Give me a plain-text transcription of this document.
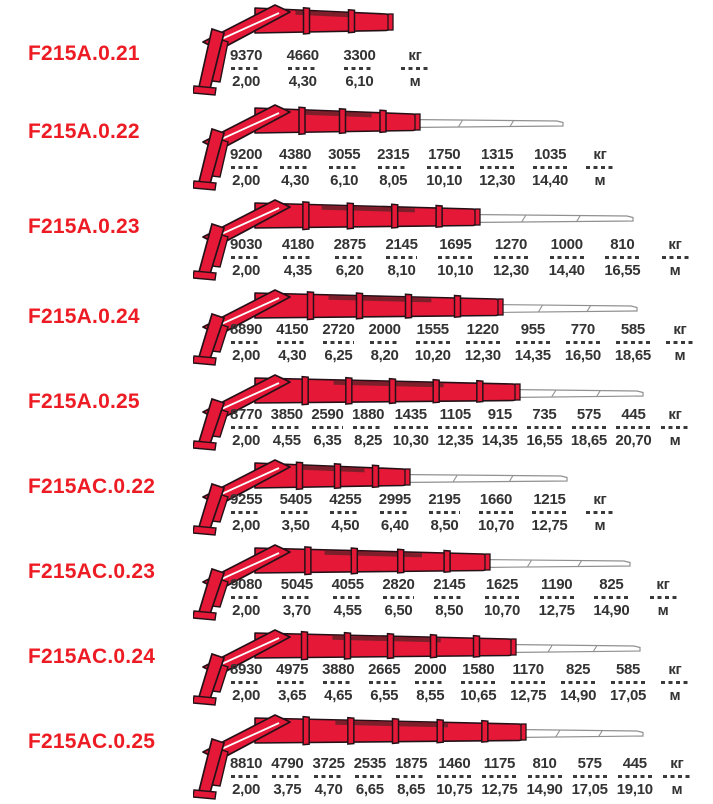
F215A.0.21	9370
2,00
4660
4,30
3300
6,10
кг
м
F215A.0.22
9200
2,00
4380
4,30
3055
6,10
2315
8,05
1750
10,10
1315
12,30
1035
14,40
кг
м
F215A.0.23
9030
2,00
4180
4,35
2875
6,20
2145
8,10
1695
10,10
1270
12,30
1000
14,40
810
16,55
кг
м
F215A.0.24
8890
2,00
4150
4,30
2720
6,25
2000
8,20
1555
10,20
1220
12,30
955
14,35
770
16,50
585
18,65
кг
м
F215A.0.25
8770
2,00
3850
4,55
2590
6,35
1880
8,25
1435
10,30
1105
12,35
915
14,35
735
16,55
575
18,65
445
20,70
кг
м
F215AC.0.22
9255
2,00
5405
3,50
4255
4,50
2995
6,40
2195
8,50
1660
10,70
1215
12,75
кг
м
F215AC.0.23
9080
2,00
5045
3,70
4055
4,55
2820
6,50
2145
8,50
1625
10,70
1190
12,75
825
14,90
кг
м
F215AC.0.24
8930
2,00
4975
3,65
3880
4,65
2665
6,55
2000
8,55
1580
10,65
1170
12,75
825
14,90
585
17,05
кг
м
F215AC.0.25
8810
2,00
4790
3,75
3725
4,70
2535
6,65
1875
8,65
1460
10,75
1175
12,75
810
14,90
575
17,05
445
19,10
кг
м
